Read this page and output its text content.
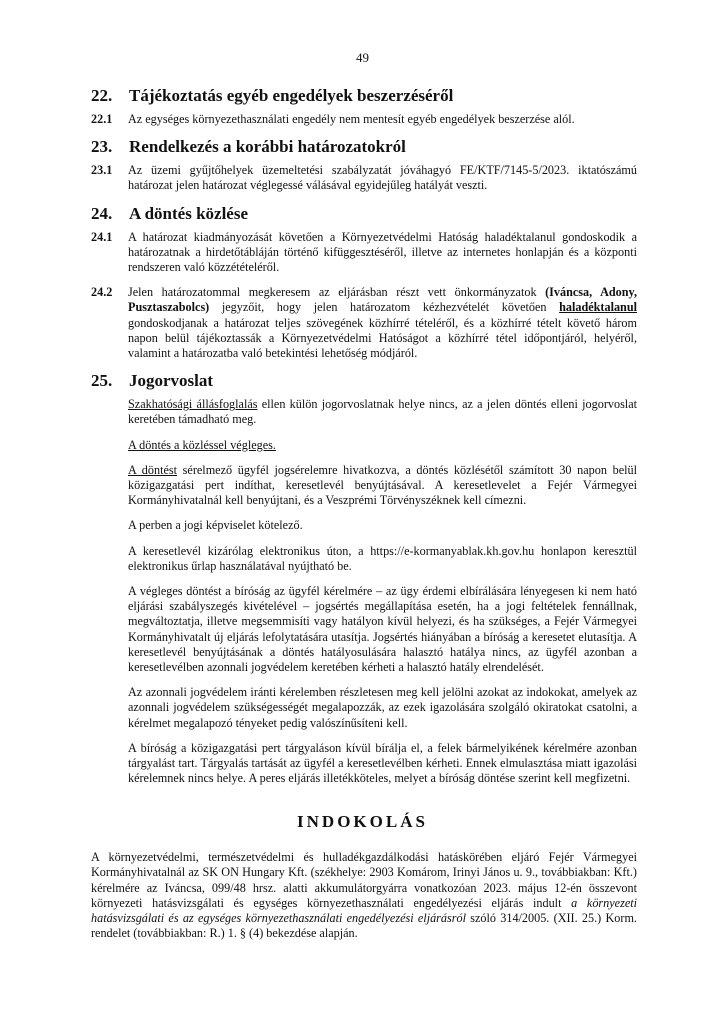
49
22. Tájékoztatás egyéb engedélyek beszerzéséről
22.1	Az egységes környezethasználati engedély nem mentesít egyéb engedélyek beszerzése alól.
23. Rendelkezés a korábbi határozatokról
23.1	Az üzemi gyűjtőhelyek üzemeltetési szabályzatát jóváhagyó FE/KTF/7145-5/2023. iktatószámú határozat jelen határozat véglegessé válásával egyidejűleg hatályát veszti.
24. A döntés közlése
24.1	A határozat kiadmányozását követően a Környezetvédelmi Hatóság haladéktalanul gondoskodik a határozatnak a hirdetőtábláján történő kifüggesztéséről, illetve az internetes honlapján és a központi rendszeren való közzétételéről.
24.2	Jelen határozatommal megkeresem az eljárásban részt vett önkormányzatok (Iváncsa, Adony, Pusztaszabolcs) jegyzőit, hogy jelen határozatom kézhezvételét követően haladéktalanul gondoskodjanak a határozat teljes szövegének közhírré tételéről, és a közhírré tételt követő három napon belül tájékoztassák a Környezetvédelmi Hatóságot a közhírré tétel időpontjáról, helyéről, valamint a határozatba való betekintési lehetőség módjáról.
25. Jogorvoslat
Szakhatósági állásfoglalás ellen külön jogorvoslatnak helye nincs, az a jelen döntés elleni jogorvoslat keretében támadható meg.
A döntés a közléssel végleges.
A döntést sérelmező ügyfél jogsérelemre hivatkozva, a döntés közlésétől számított 30 napon belül közigazgatási pert indíthat, keresetlevél benyújtásával. A keresetlevelet a Fejér Vármegyei Kormányhivatalnál kell benyújtani, és a Veszprémi Törvényszéknek kell címezni.
A perben a jogi képviselet kötelező.
A keresetlevél kizárólag elektronikus úton, a https://e-kormanyablak.kh.gov.hu honlapon keresztül elektronikus űrlap használatával nyújtható be.
A végleges döntést a bíróság az ügyfél kérelmére – az ügy érdemi elbírálására lényegesen ki nem ható eljárási szabályszegés kivételével – jogsértés megállapítása esetén, ha a jogi feltételek fennállnak, megváltoztatja, illetve megsemmisíti vagy hatályon kívül helyezi, és ha szükséges, a Fejér Vármegyei Kormányhivatalt új eljárás lefolytatására utasítja. Jogsértés hiányában a bíróság a keresetet elutasítja. A keresetlevél benyújtásának a döntés hatályosulására halasztó hatálya nincs, az ügyfél azonban a keresetlevélben azonnali jogvédelem keretében kérheti a halasztó hatály elrendelését.
Az azonnali jogvédelem iránti kérelemben részletesen meg kell jelölni azokat az indokokat, amelyek az azonnali jogvédelem szükségességét megalapozzák, az ezek igazolására szolgáló okiratokat csatolni, a kérelmet megalapozó tényeket pedig valószínűsíteni kell.
A bíróság a közigazgatási pert tárgyaláson kívül bírálja el, a felek bármelyikének kérelmére azonban tárgyalást tart. Tárgyalás tartását az ügyfél a keresetlevélben kérheti. Ennek elmulasztása miatt igazolási kérelemnek nincs helye. A peres eljárás illetékköteles, melyet a bíróság döntése szerint kell megfizetni.
INDOKOLÁS
A környezetvédelmi, természetvédelmi és hulladékgazdálkodási hatáskörében eljáró Fejér Vármegyei Kormányhivatalnál az SK ON Hungary Kft. (székhelye: 2903 Komárom, Irinyi János u. 9., továbbiakban: Kft.) kérelmére az Iváncsa, 099/48 hrsz. alatti akkumulátorgyárra vonatkozóan 2023. május 12-én összevont környezeti hatásvizsgálati és egységes környezethasználati engedélyezési eljárás indult a környezeti hatásvizsgálati és az egységes környezethasználati engedélyezési eljárásról szóló 314/2005. (XII. 25.) Korm. rendelet (továbbiakban: R.) 1. § (4) bekezdése alapján.
